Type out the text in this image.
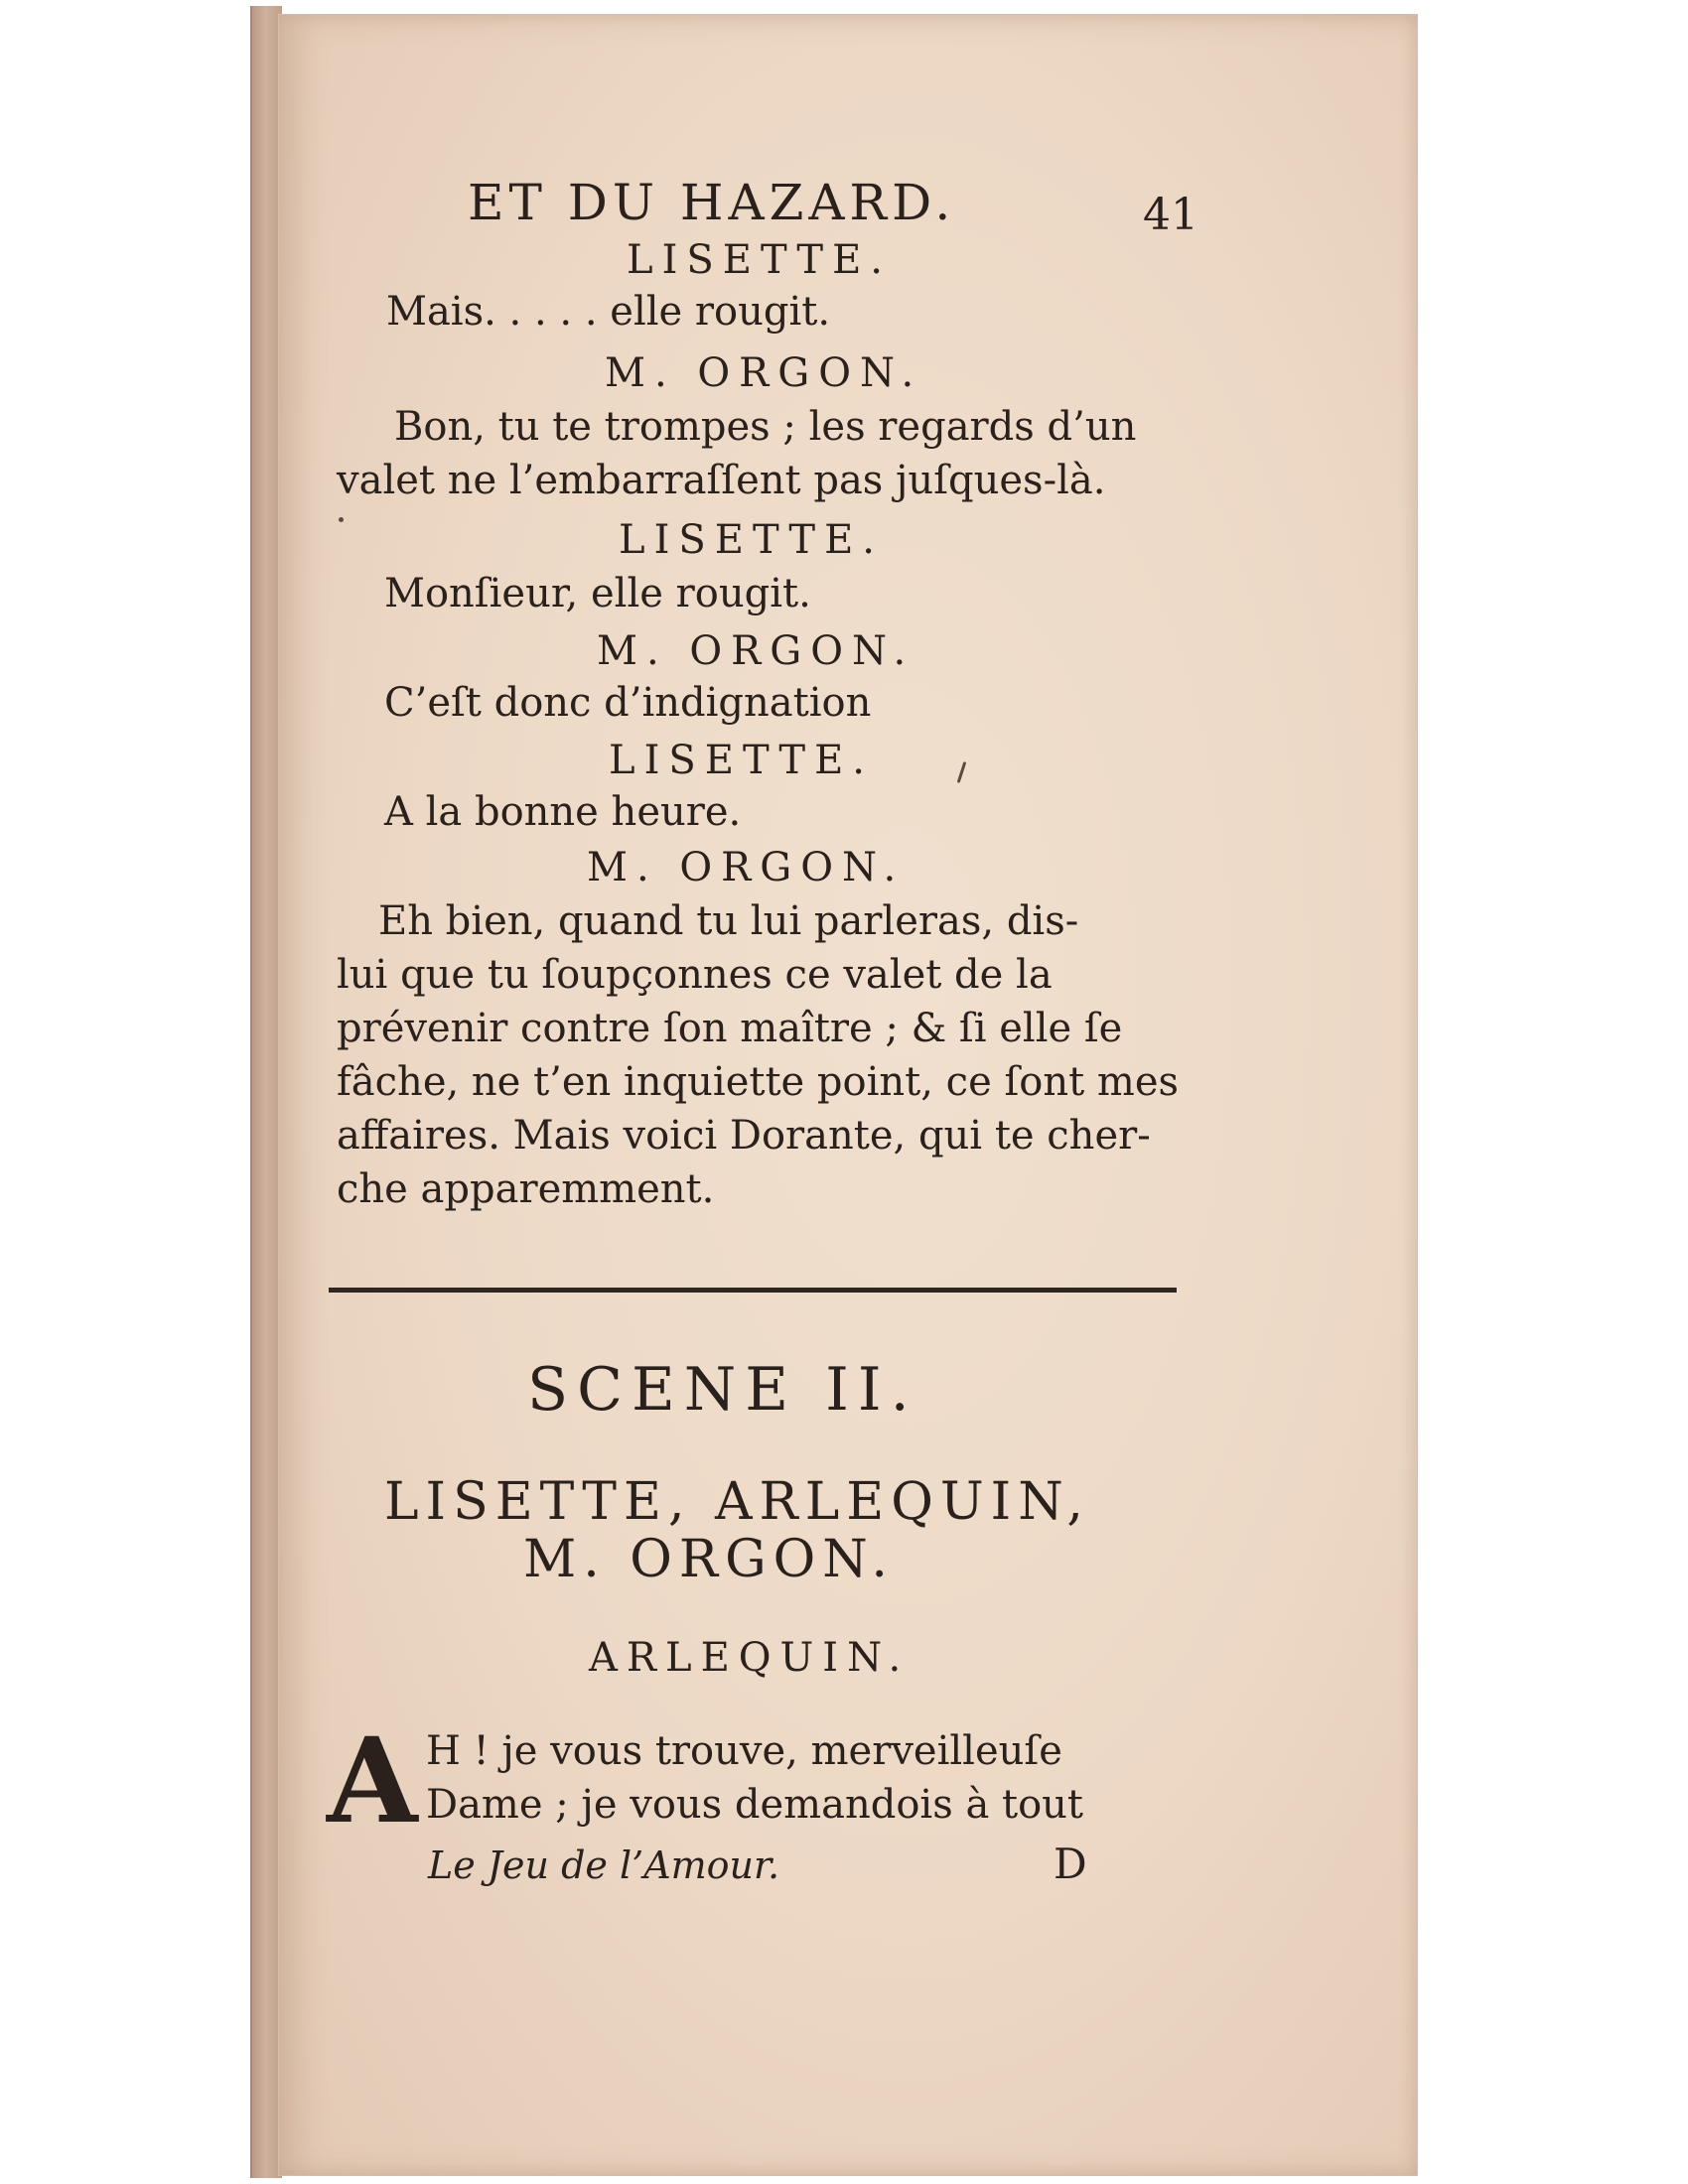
ET DU HAZARD.	41
LISETTE.
Mais. . . . . elle rougit.
M. ORGON.
Bon, tu te trompes ; les regards d’un
valet ne l’embarraſſent pas juſques-là.
LISETTE.
Monſieur, elle rougit.
M. ORGON.
C’eſt donc d’indignation
LISETTE.
A la bonne heure.
M. ORGON.
Eh bien, quand tu lui parleras, dis-
lui que tu ſoupçonnes ce valet de la
prévenir contre ſon maître ; & ſi elle ſe
fâche, ne t’en inquiette point, ce ſont mes
affaires. Mais voici Dorante, qui te cher-
che apparemment.
SCENE II.
LISETTE, ARLEQUIN,
M. ORGON.
ARLEQUIN.
A H ! je vous trouve, merveilleuſe
Dame ; je vous demandois à tout
Le Jeu de l’Amour.	D
